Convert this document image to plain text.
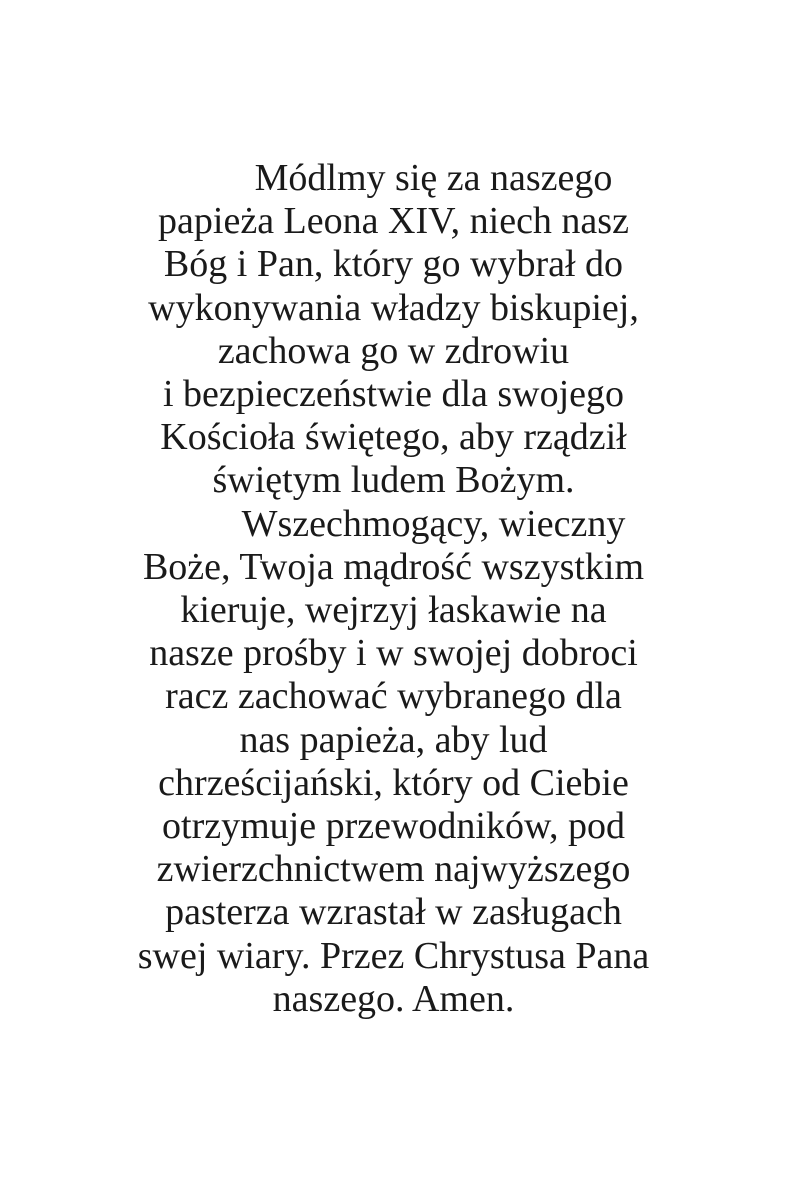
Módlmy się za naszego
papieża Leona XIV, niech nasz
Bóg i Pan, który go wybrał do
wykonywania władzy biskupiej,
zachowa go w zdrowiu
i bezpieczeństwie dla swojego
Kościoła świętego, aby rządził
świętym ludem Bożym.
Wszechmogący, wieczny
Boże, Twoja mądrość wszystkim
kieruje, wejrzyj łaskawie na
nasze prośby i w swojej dobroci
racz zachować wybranego dla
nas papieża, aby lud
chrześcijański, który od Ciebie
otrzymuje przewodników, pod
zwierzchnictwem najwyższego
pasterza wzrastał w zasługach
swej wiary. Przez Chrystusa Pana
naszego. Amen.
